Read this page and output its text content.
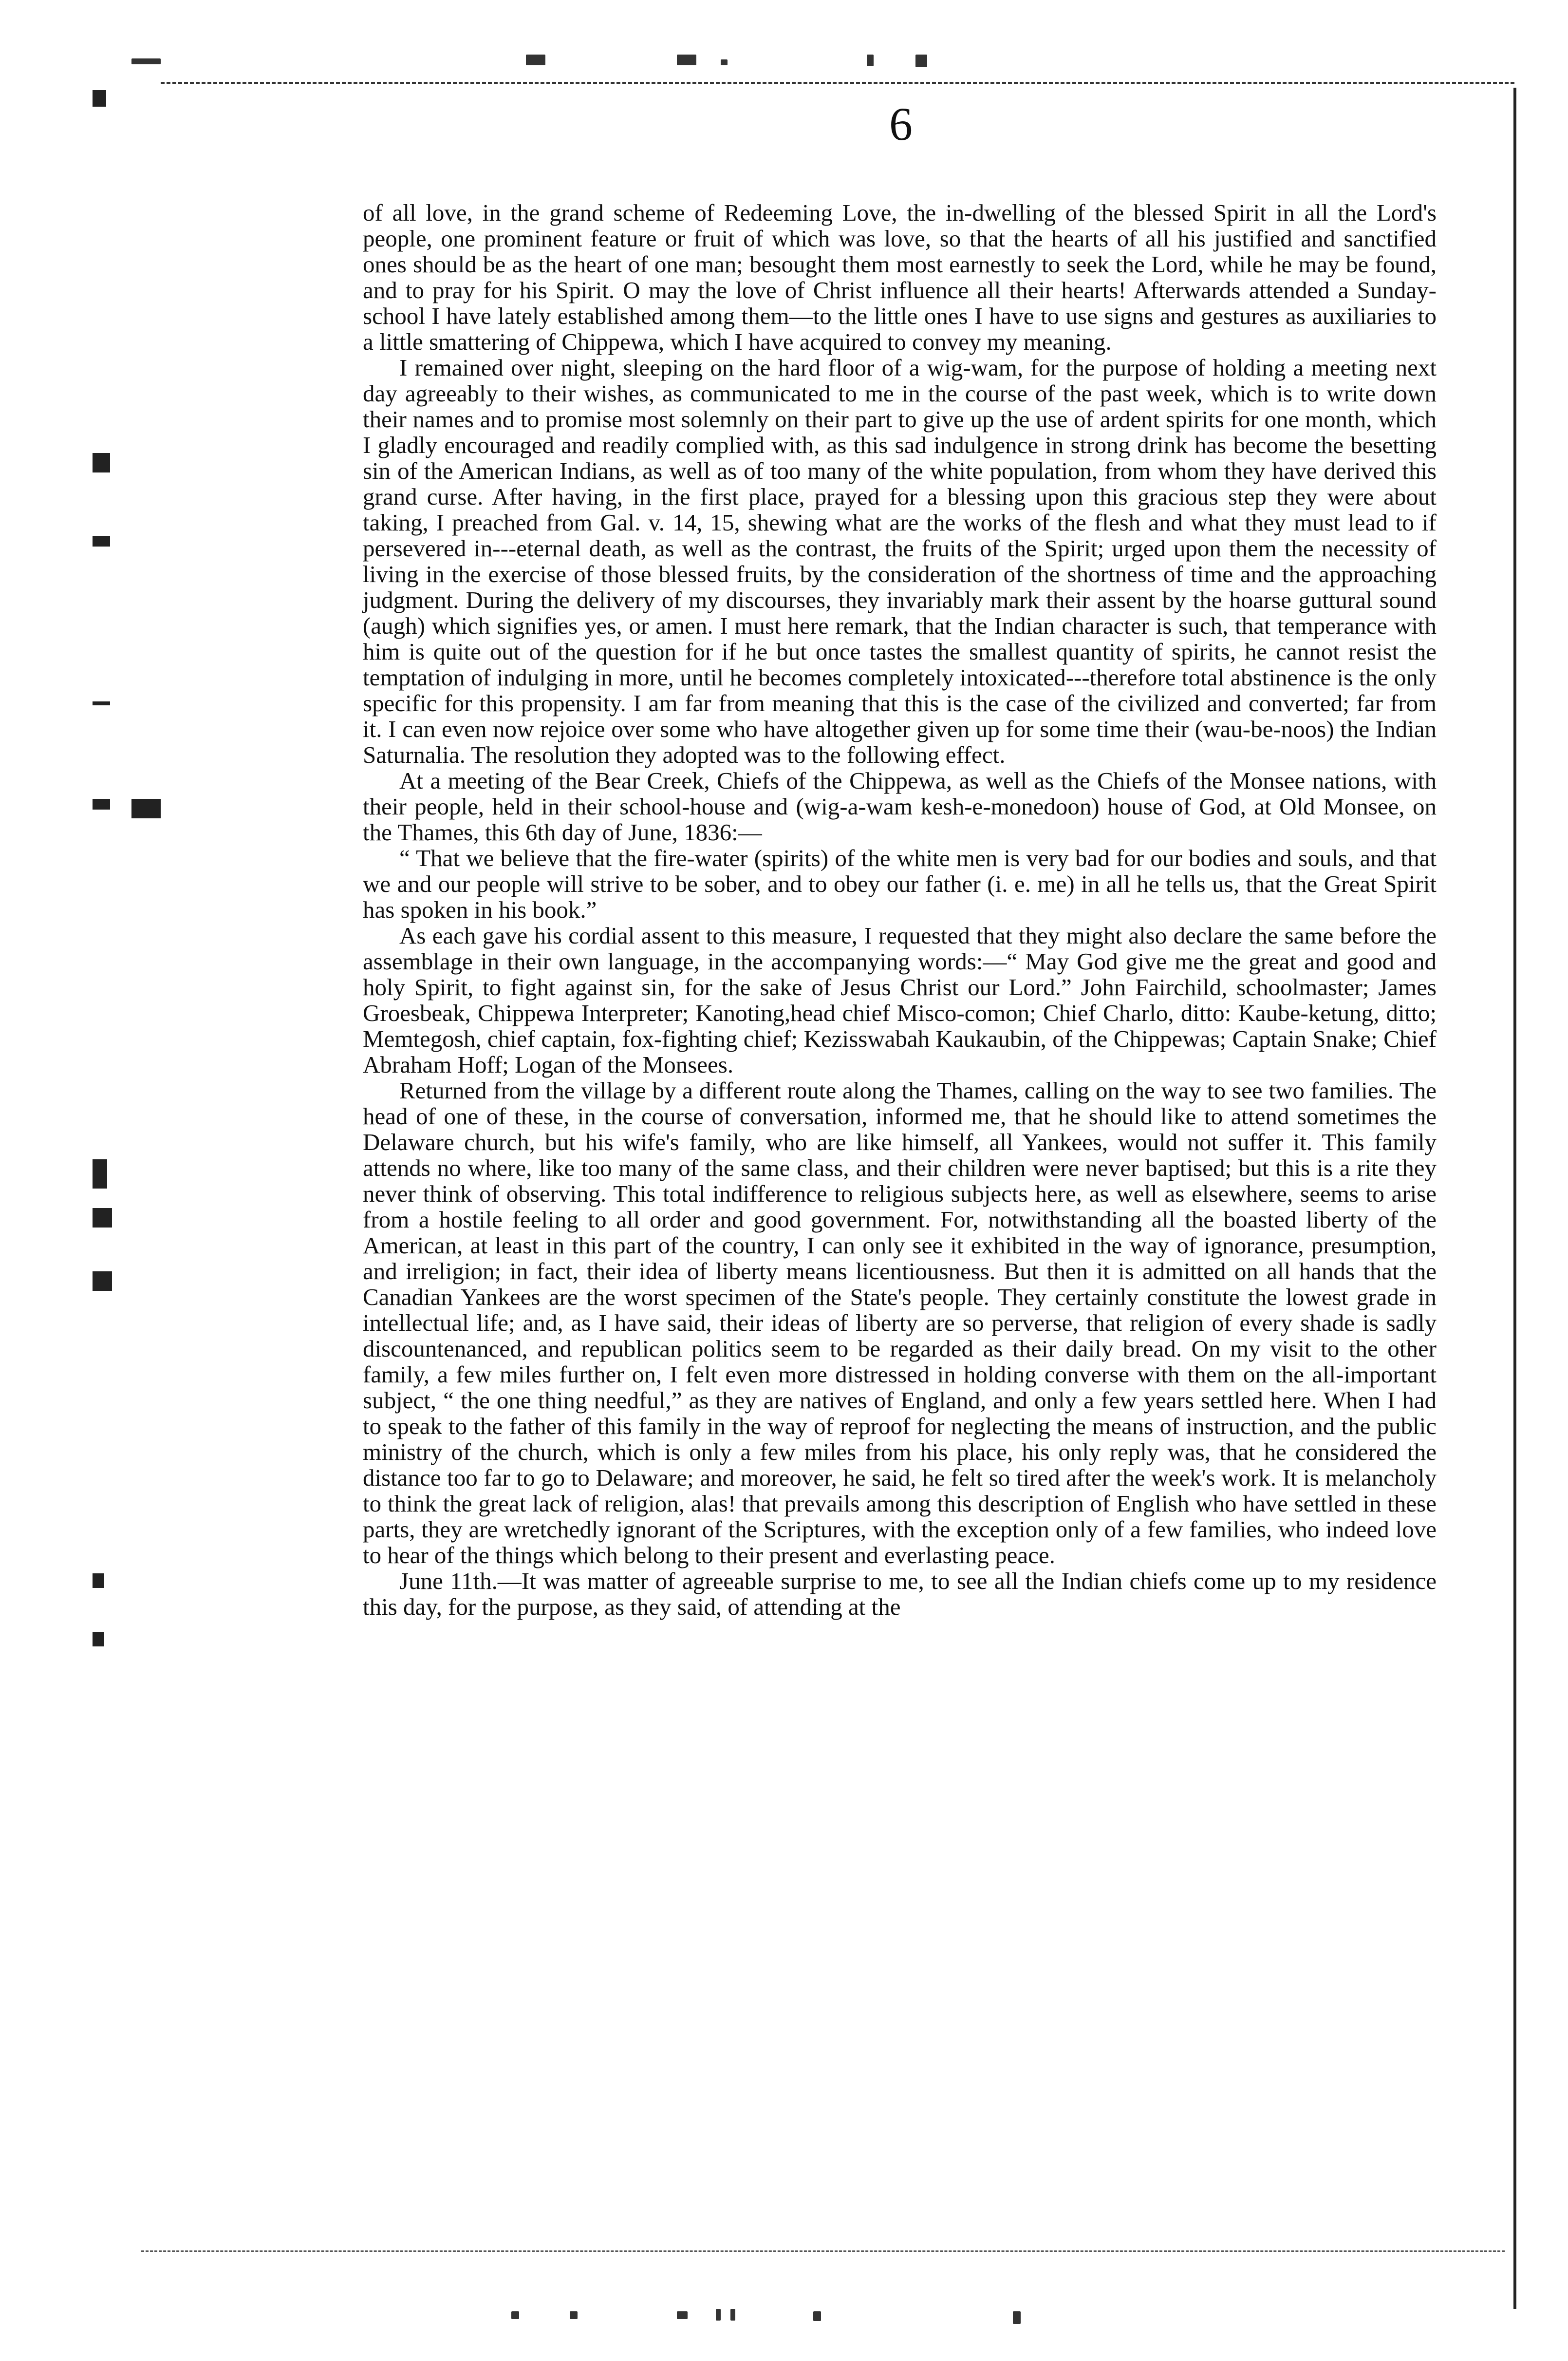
6

of all love, in the grand scheme of Redeeming Love, the in-dwelling of the blessed Spirit in all the Lord's people, one prominent feature or fruit of which was love, so that the hearts of all his justified and sanctified ones should be as the heart of one man; besought them most earnestly to seek the Lord, while he may be found, and to pray for his Spirit. O may the love of Christ influence all their hearts! Afterwards attended a Sunday- school I have lately established among them—to the little ones I have to use signs and gestures as auxiliaries to a little smattering of Chippewa, which I have acquired to convey my meaning.

I remained over night, sleeping on the hard floor of a wig-wam, for the purpose of holding a meeting next day agreeably to their wishes, as communicated to me in the course of the past week, which is to write down their names and to promise most solemnly on their part to give up the use of ardent spirits for one month, which I gladly encouraged and readily complied with, as this sad indulgence in strong drink has become the besetting sin of the American Indians, as well as of too many of the white population, from whom they have derived this grand curse. After having, in the first place, prayed for a blessing upon this gracious step they were about taking, I preached from Gal. v. 14, 15, shewing what are the works of the flesh and what they must lead to if persevered in---eternal death, as well as the contrast, the fruits of the Spirit; urged upon them the necessity of living in the exercise of those blessed fruits, by the consideration of the shortness of time and the approaching judgment. During the delivery of my discourses, they invariably mark their assent by the hoarse guttural sound (augh) which signifies yes, or amen. I must here remark, that the Indian character is such, that temperance with him is quite out of the question for if he but once tastes the smallest quantity of spirits, he cannot resist the temptation of indulging in more, until he becomes completely intoxicated---therefore total abstinence is the only specific for this propensity. I am far from meaning that this is the case of the civilized and converted; far from it. I can even now rejoice over some who have altogether given up for some time their (wau-be-noos) the Indian Saturnalia. The resolution they adopted was to the following effect.

At a meeting of the Bear Creek, Chiefs of the Chippewa, as well as the Chiefs of the Monsee nations, with their people, held in their school-house and (wig-a-wam kesh-e-monedoon) house of God, at Old Monsee, on the Thames, this 6th day of June, 1836:—

“ That we believe that the fire-water (spirits) of the white men is very bad for our bodies and souls, and that we and our people will strive to be sober, and to obey our father (i. e. me) in all he tells us, that the Great Spirit has spoken in his book.”

As each gave his cordial assent to this measure, I requested that they might also declare the same before the assemblage in their own language, in the accompanying words:—“ May God give me the great and good and holy Spirit, to fight against sin, for the sake of Jesus Christ our Lord.” John Fairchild, schoolmaster; James Groesbeak, Chippewa Interpreter; Kanoting,head chief Misco-comon; Chief Charlo, ditto: Kaube-ketung, ditto; Memtegosh, chief captain, fox-fighting chief; Kezisswabah Kaukaubin, of the Chippewas; Captain Snake; Chief Abraham Hoff; Logan of the Monsees.

Returned from the village by a different route along the Thames, calling on the way to see two families. The head of one of these, in the course of conversation, informed me, that he should like to attend sometimes the Delaware church, but his wife's family, who are like himself, all Yankees, would not suffer it. This family attends no where, like too many of the same class, and their children were never baptised; but this is a rite they never think of observing. This total indifference to religious subjects here, as well as elsewhere, seems to arise from a hostile feeling to all order and good government. For, notwithstanding all the boasted liberty of the American, at least in this part of the country, I can only see it exhibited in the way of ignorance, presumption, and irreligion; in fact, their idea of liberty means licentiousness. But then it is admitted on all hands that the Canadian Yankees are the worst specimen of the State's people. They certainly constitute the lowest grade in intellectual life; and, as I have said, their ideas of liberty are so perverse, that religion of every shade is sadly discountenanced, and republican politics seem to be regarded as their daily bread. On my visit to the other family, a few miles further on, I felt even more distressed in holding converse with them on the all-important subject, “ the one thing needful,” as they are natives of England, and only a few years settled here. When I had to speak to the father of this family in the way of reproof for neglecting the means of instruction, and the public ministry of the church, which is only a few miles from his place, his only reply was, that he considered the distance too far to go to Delaware; and moreover, he said, he felt so tired after the week's work. It is melancholy to think the great lack of religion, alas! that prevails among this description of English who have settled in these parts, they are wretchedly ignorant of the Scriptures, with the exception only of a few families, who indeed love to hear of the things which belong to their present and everlasting peace.

June 11th.—It was matter of agreeable surprise to me, to see all the Indian chiefs come up to my residence this day, for the purpose, as they said, of attending at the
